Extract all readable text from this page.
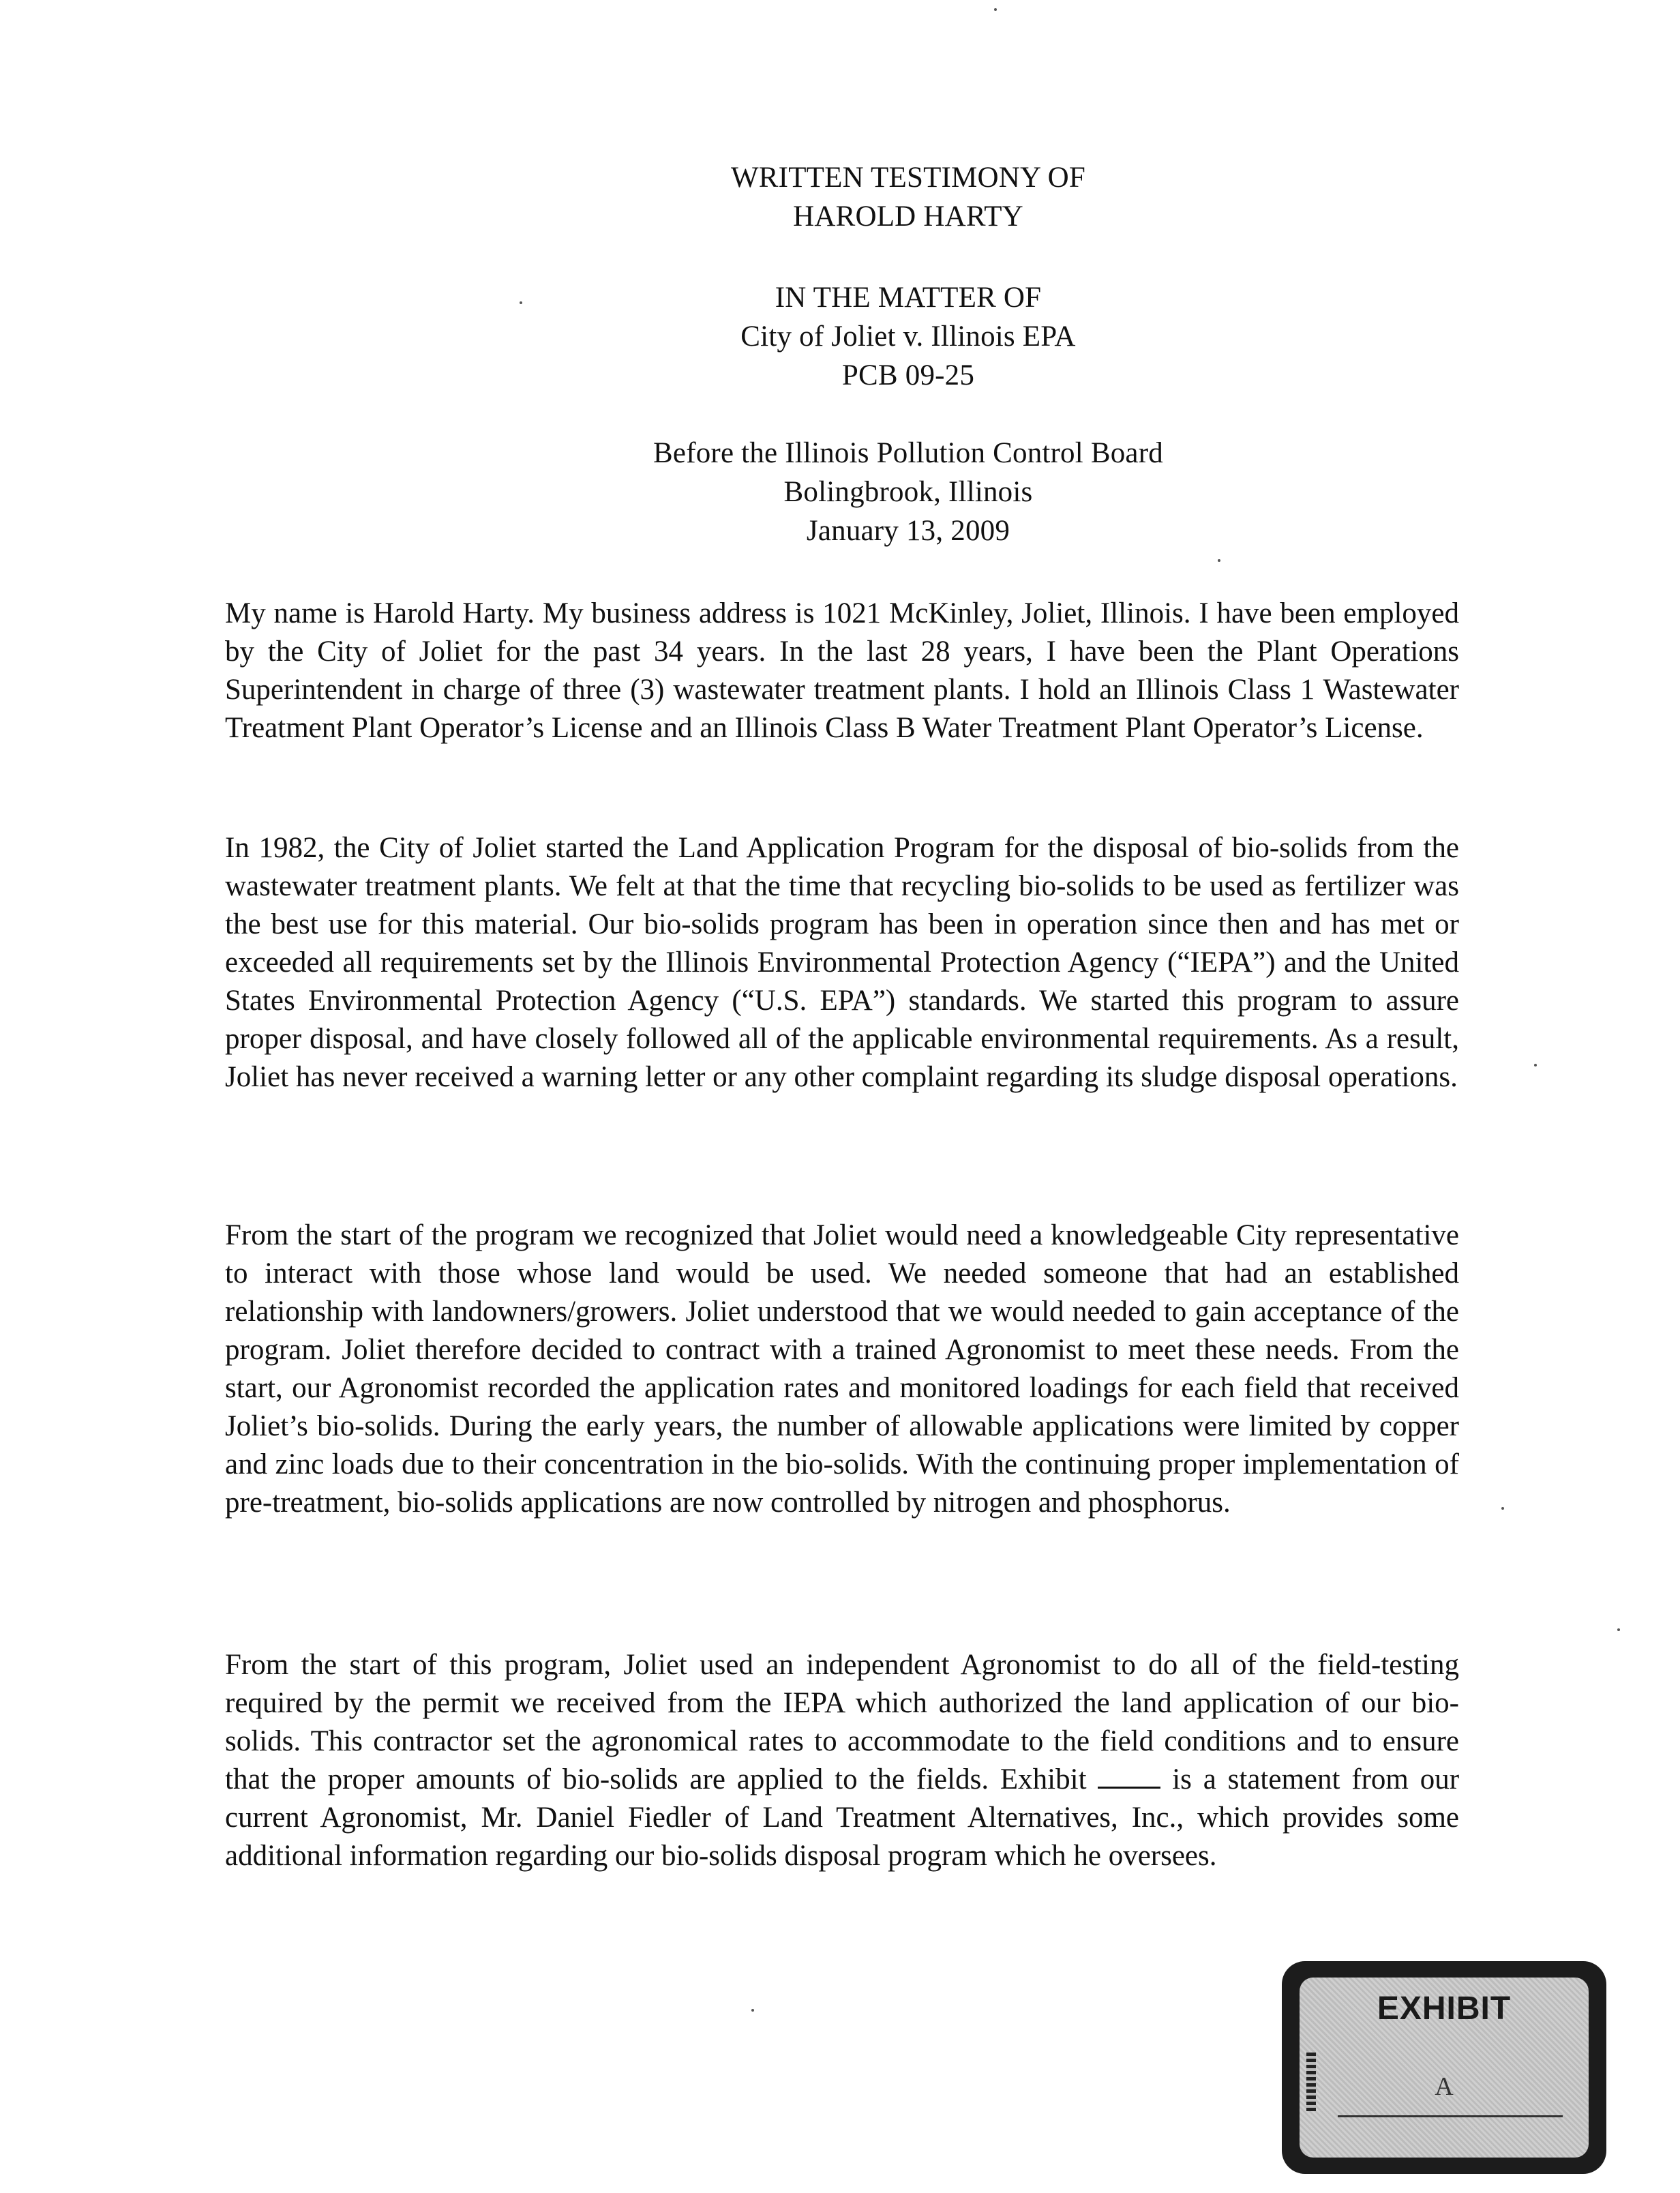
WRITTEN TESTIMONY OF
HAROLD HARTY
IN THE MATTER OF
City of Joliet v. Illinois EPA
PCB 09-25
Before the Illinois Pollution Control Board
Bolingbrook, Illinois
January 13, 2009

My name is Harold Harty. My business address is 1021 McKinley, Joliet, Illinois. I have been employed by the City of Joliet for the past 34 years. In the last 28 years, I have been the Plant Operations Superintendent in charge of three (3) wastewater treatment plants. I hold an Illinois Class 1 Wastewater Treatment Plant Operator’s License and an Illinois Class B Water Treatment Plant Operator’s License.

In 1982, the City of Joliet started the Land Application Program for the disposal of bio-solids from the wastewater treatment plants. We felt at that the time that recycling bio-solids to be used as fertilizer was the best use for this material. Our bio-solids program has been in operation since then and has met or exceeded all requirements set by the Illinois Environmental Protection Agency (“IEPA”) and the United States Environmental Protection Agency (“U.S. EPA”) standards. We started this program to assure proper disposal, and have closely followed all of the applicable environmental requirements. As a result, Joliet has never received a warning letter or any other complaint regarding its sludge disposal operations.

From the start of the program we recognized that Joliet would need a knowledgeable City representative to interact with those whose land would be used. We needed someone that had an established relationship with landowners/growers. Joliet understood that we would needed to gain acceptance of the program. Joliet therefore decided to contract with a trained Agronomist to meet these needs. From the start, our Agronomist recorded the application rates and monitored loadings for each field that received Joliet’s bio-solids. During the early years, the number of allowable applications were limited by copper and zinc loads due to their concentration in the bio-solids. With the continuing proper implementation of pre-treatment, bio-solids applications are now controlled by nitrogen and phosphorus.

From the start of this program, Joliet used an independent Agronomist to do all of the field-testing required by the permit we received from the IEPA which authorized the land application of our bio-solids. This contractor set the agronomical rates to accommodate to the field conditions and to ensure that the proper amounts of bio-solids are applied to the fields. Exhibit	is a statement from our current Agronomist, Mr. Daniel Fiedler of Land Treatment Alternatives, Inc., which provides some additional information regarding our bio-solids disposal program which he oversees.

EXHIBIT
A
